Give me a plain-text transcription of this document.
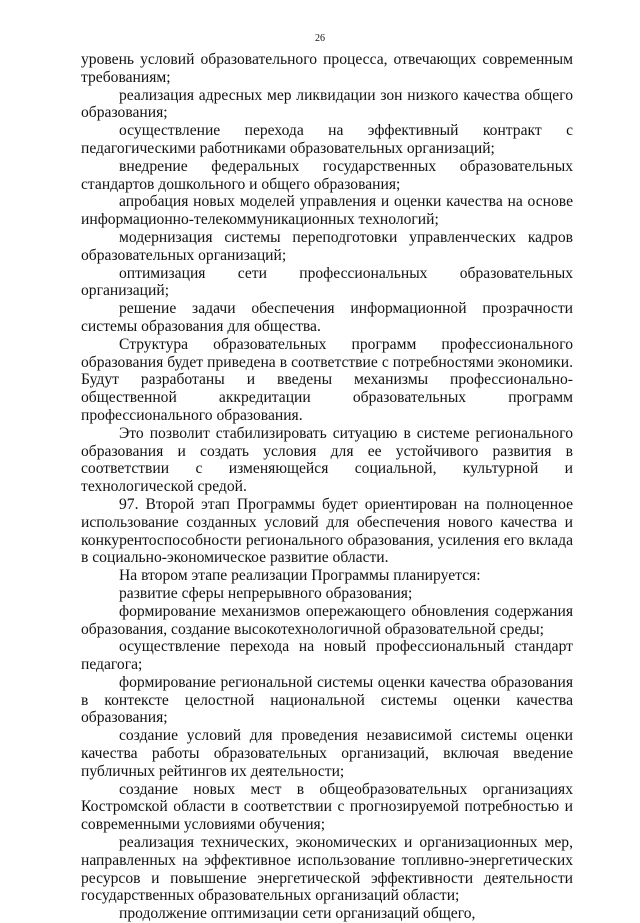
26

уровень условий образовательного процесса, отвечающих современным требованиям;

реализация адресных мер ликвидации зон низкого качества общего образования;

осуществление перехода на эффективный контракт с педагогическими работниками образовательных организаций;

внедрение федеральных государственных образовательных стандартов дошкольного и общего образования;

апробация новых моделей управления и оценки качества на основе информационно-телекоммуникационных технологий;

модернизация системы переподготовки управленческих кадров образовательных организаций;

оптимизация сети профессиональных образовательных организаций;

решение задачи обеспечения информационной прозрачности системы образования для общества.

Структура образовательных программ профессионального образования будет приведена в соответствие с потребностями экономики. Будут разработаны и введены механизмы профессионально-общественной аккредитации образовательных программ профессионального образования.

Это позволит стабилизировать ситуацию в системе регионального образования и создать условия для ее устойчивого развития в соответствии с изменяющейся социальной, культурной и технологической средой.

97. Второй этап Программы будет ориентирован на полноценное использование созданных условий для обеспечения нового качества и конкурентоспособности регионального образования, усиления его вклада в социально-экономическое развитие области.

На втором этапе реализации Программы планируется:

развитие сферы непрерывного образования;

формирование механизмов опережающего обновления содержания образования, создание высокотехнологичной образовательной среды;

осуществление перехода на новый профессиональный стандарт педагога;

формирование региональной системы оценки качества образования в контексте целостной национальной системы оценки качества образования;

создание условий для проведения независимой системы оценки качества работы образовательных организаций, включая введение публичных рейтингов их деятельности;

создание новых мест в общеобразовательных организациях Костромской области в соответствии с прогнозируемой потребностью и современными условиями обучения;

реализация технических, экономических и организационных мер, направленных на эффективное использование топливно-энергетических ресурсов и повышение энергетической эффективности деятельности государственных образовательных организаций области;

продолжение оптимизации сети организаций общего,
